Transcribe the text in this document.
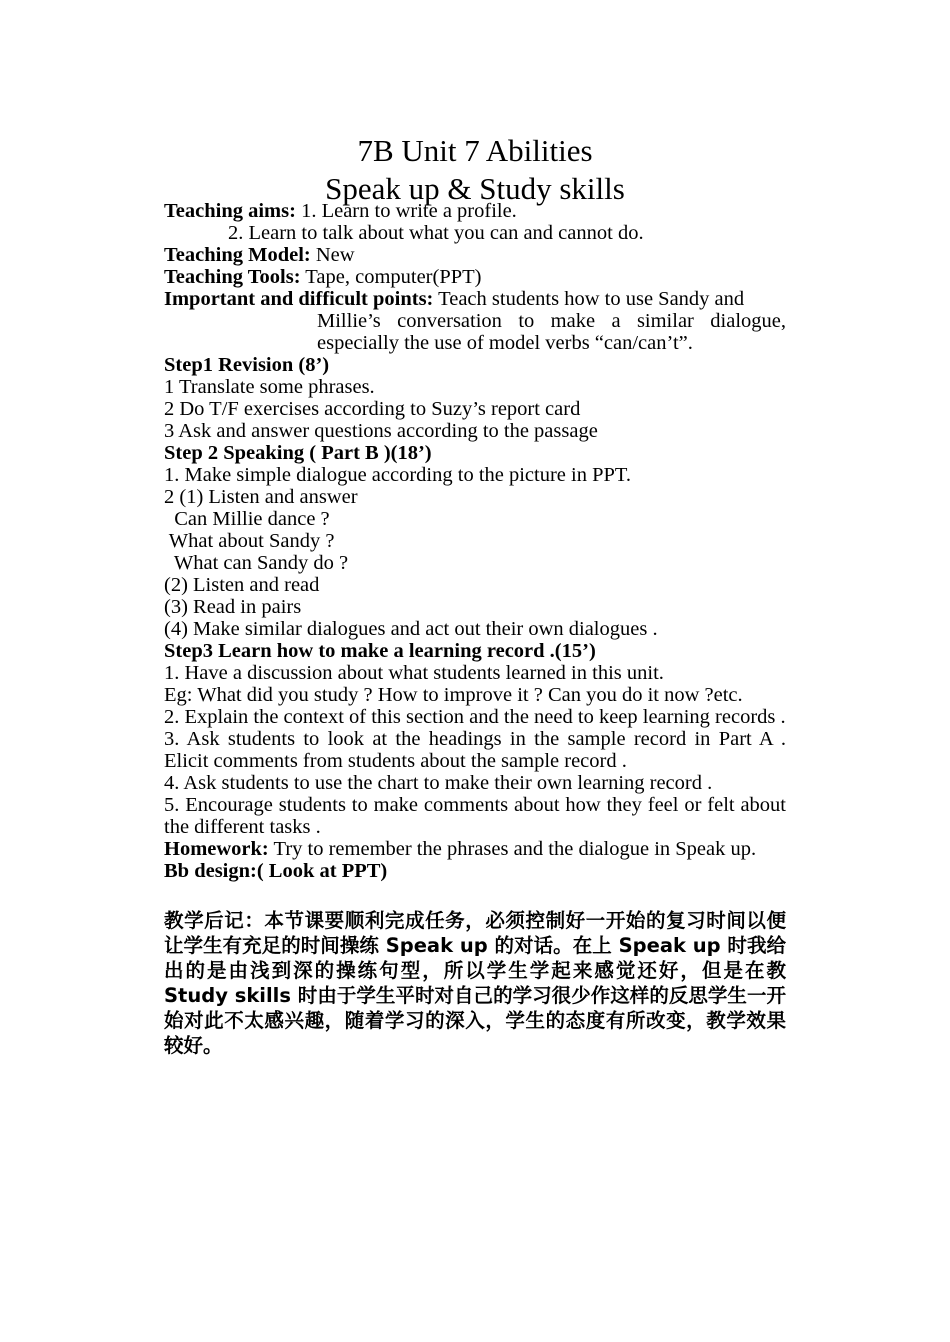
7B Unit 7 Abilities
Speak up & Study skills
Teaching aims: 1. Learn to write a profile.
2. Learn to talk about what you can and cannot do.
Teaching Model: New
Teaching Tools: Tape, computer(PPT)
Important and difficult points: Teach students how to use Sandy and
Millie’s conversation to make a similar dialogue, especially the use of model verbs “can/can’t”.
Step1 Revision (8’)
1 Translate some phrases.
2 Do T/F exercises according to Suzy’s report card
3 Ask and answer questions according to the passage
Step 2 Speaking ( Part B )(18’)
1. Make simple dialogue according to the picture in PPT.
2 (1) Listen and answer
Can Millie dance ?
What about Sandy ?
What can Sandy do ?
(2) Listen and read
(3) Read in pairs
(4) Make similar dialogues and act out their own dialogues .
Step3 Learn how to make a learning record .(15’)
1. Have a discussion about what students learned in this unit.
Eg: What did you study ? How to improve it ? Can you do it now ?etc.
2. Explain the context of this section and the need to keep learning records .
3. Ask students to look at the headings in the sample record in Part A . Elicit comments from students about the sample record .
4. Ask students to use the chart to make their own learning record .
5. Encourage students to make comments about how they feel or felt about the different tasks .
Homework: Try to remember the phrases and the dialogue in Speak up.
Bb design:( Look at PPT)
教学后记：本节课要顺利完成任务，必须控制好一开始的复习时间以便让学生有充足的时间操练 Speak up 的对话。在上 Speak up 时我给出的是由浅到深的操练句型，所以学生学起来感觉还好，但是在教 Study skills 时由于学生平时对自己的学习很少作这样的反思学生一开始对此不太感兴趣，随着学习的深入，学生的态度有所改变，教学效果较好。
